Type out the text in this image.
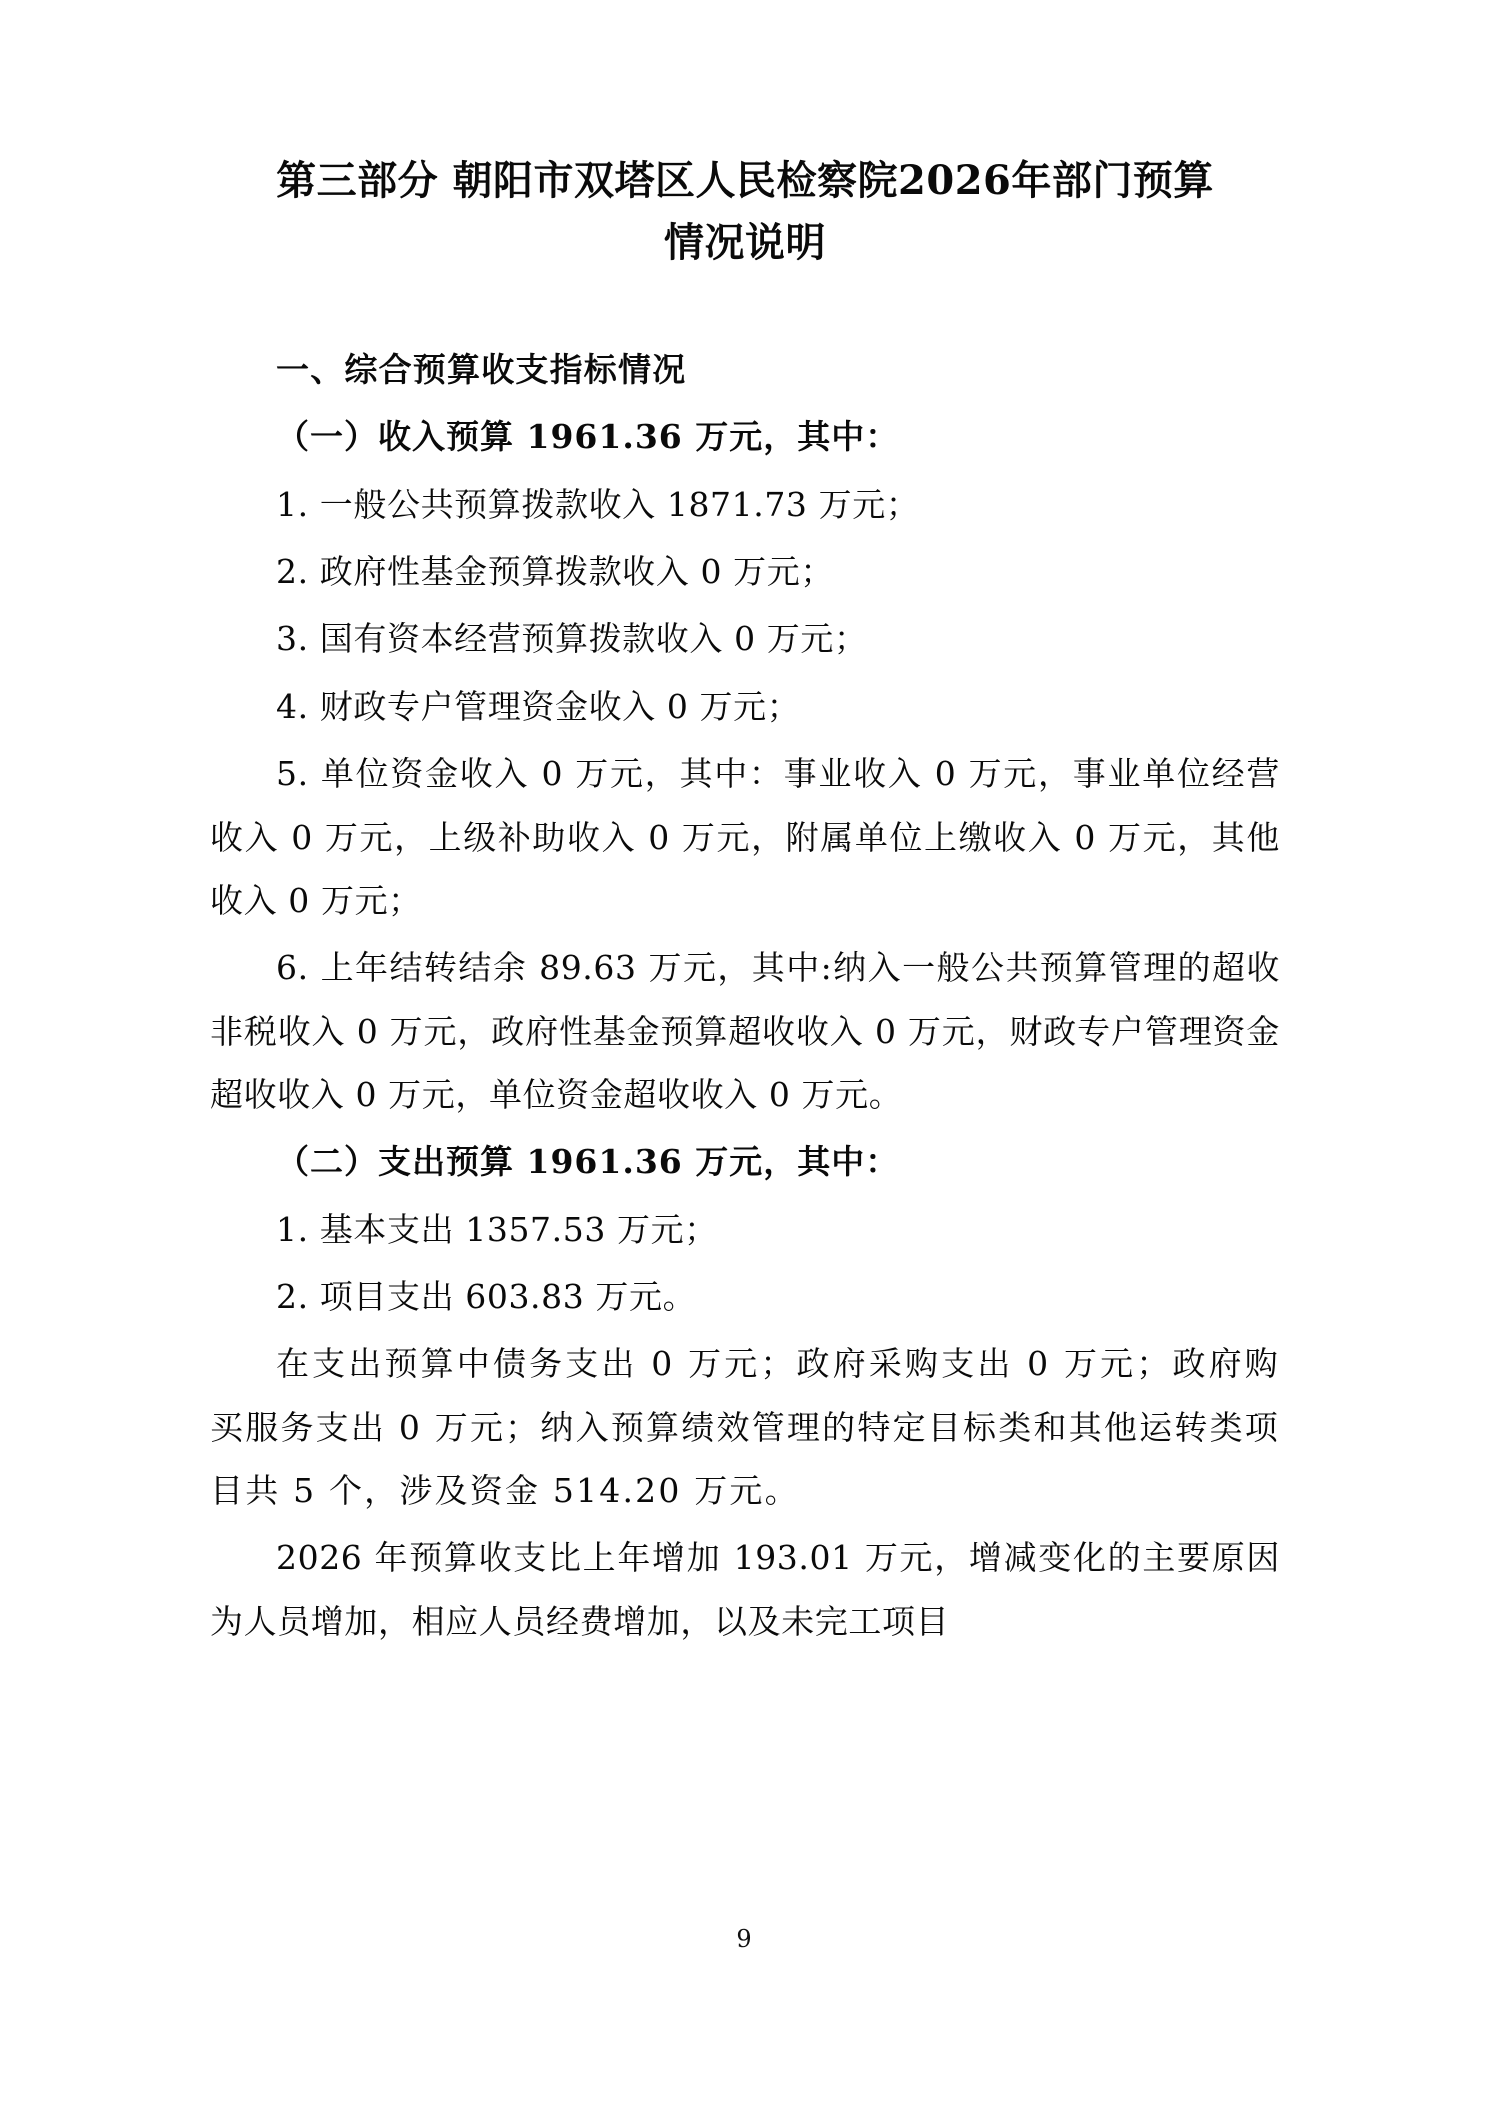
第三部分 朝阳市双塔区人民检察院2026年部门预算
情况说明

一、综合预算收支指标情况

（一）收入预算 1961.36 万元，其中：

1. 一般公共预算拨款收入 1871.73 万元；

2. 政府性基金预算拨款收入 0 万元；

3. 国有资本经营预算拨款收入 0 万元；

4. 财政专户管理资金收入 0 万元；

5. 单位资金收入 0 万元，其中：事业收入 0 万元，事业单位经营收入 0 万元，上级补助收入 0 万元，附属单位上缴收入 0 万元，其他收入 0 万元；

6. 上年结转结余 89.63 万元，其中:纳入一般公共预算管理的超收非税收入 0 万元，政府性基金预算超收收入 0 万元，财政专户管理资金超收收入 0 万元，单位资金超收收入 0 万元。

（二）支出预算 1961.36 万元，其中：

1. 基本支出 1357.53 万元；

2. 项目支出 603.83 万元。

在支出预算中债务支出 0 万元；政府采购支出 0 万元；政府购买服务支出 0 万元；纳入预算绩效管理的特定目标类和其他运转类项目共 5 个，涉及资金 514.20 万元。

2026 年预算收支比上年增加 193.01 万元，增减变化的主要原因为人员增加，相应人员经费增加，以及未完工项目

9
